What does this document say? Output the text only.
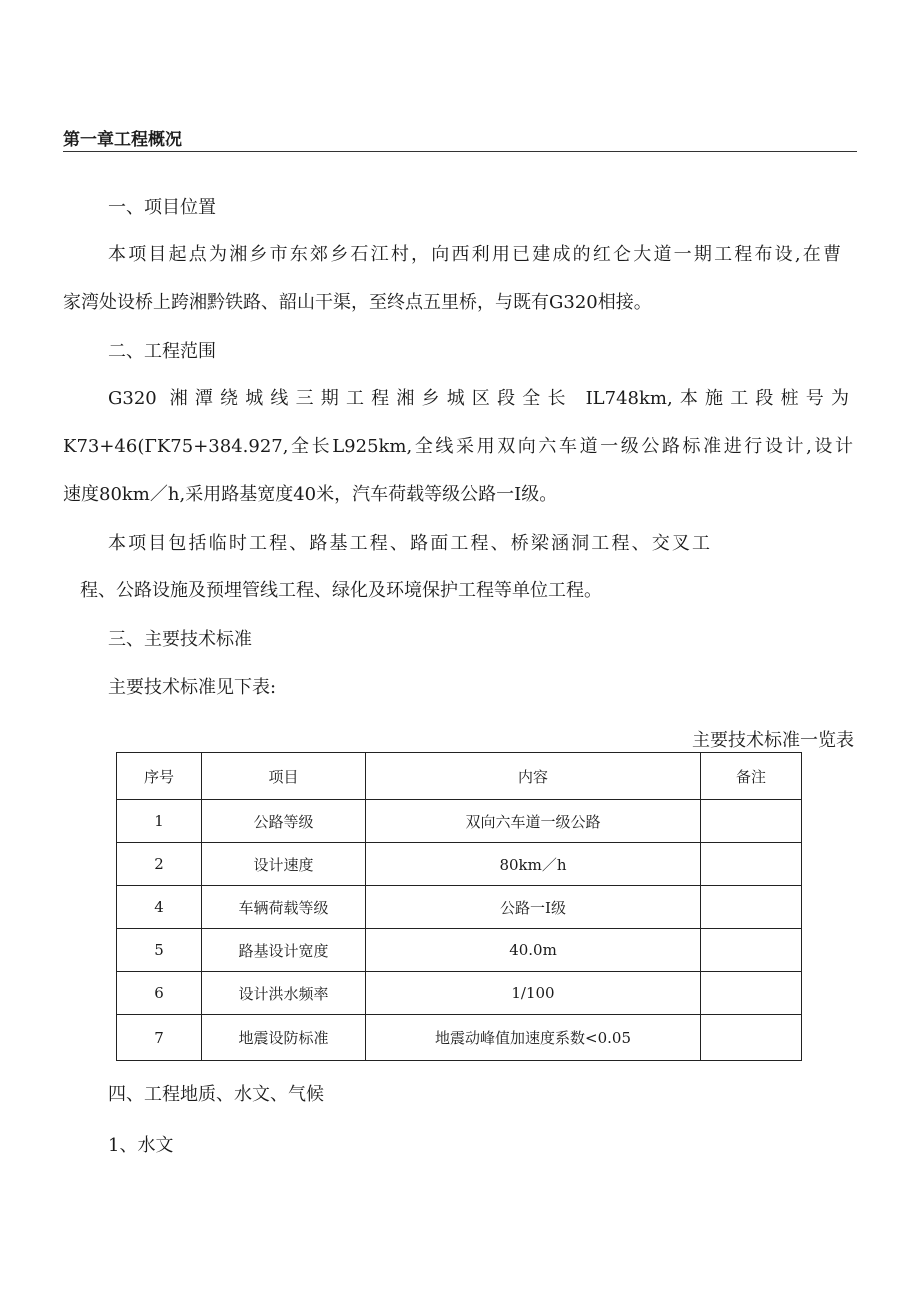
第一章工程概况

一、项目位置

本项目起点为湘乡市东郊乡石江村，向西利用已建成的红仑大道一期工程布设,在曹

家湾处设桥上跨湘黔铁路、韶山干渠，至终点五里桥，与既有G320相接。

二、工程范围

G320 湘潭绕城线三期工程湘乡城区段全长 IL748km,本施工段桩号为

K73+46(ΓK75+384.927,全长L925km,全线采用双向六车道一级公路标准进行设计,设计

速度80km／h,采用路基宽度40米，汽车荷载等级公路一Ⅰ级。

本项目包括临时工程、路基工程、路面工程、桥梁涵洞工程、交叉工

程、公路设施及预埋管线工程、绿化及环境保护工程等单位工程。

三、主要技术标准

主要技术标准见下表:

主要技术标准一览表
序号	项目	内容	备注
1	公路等级	双向六车道一级公路	
2	设计速度	80km／h	
4	车辆荷载等级	公路一Ⅰ级	
5	路基设计宽度	40.0m	
6	设计洪水频率	1/100	
7	地震设防标准	地震动峰值加速度系数<0.05	

四、工程地质、水文、气候

1、水文
